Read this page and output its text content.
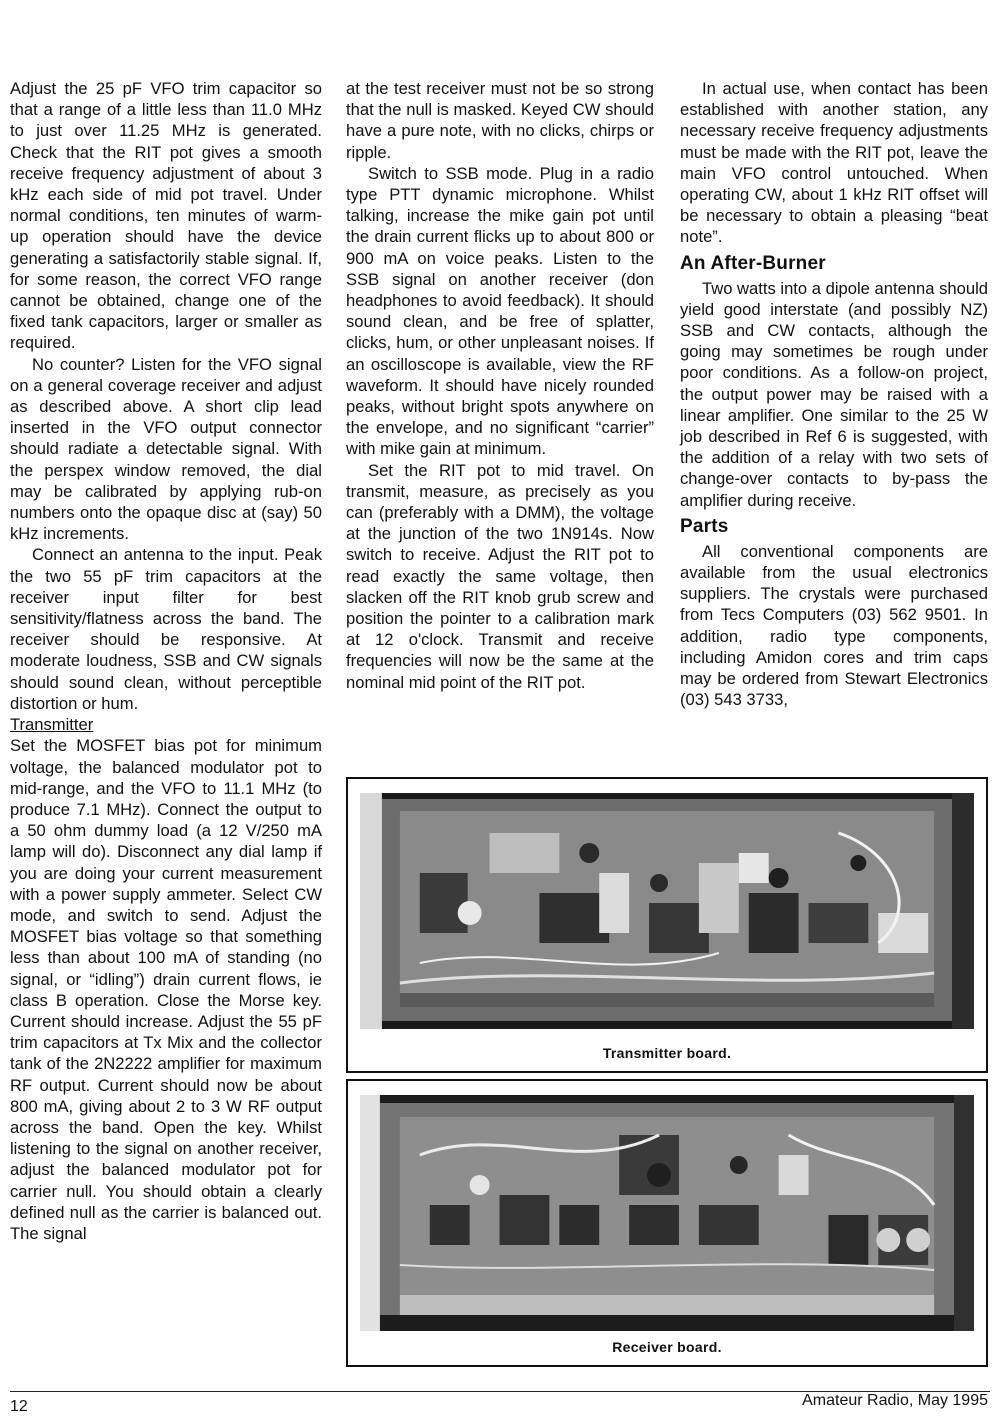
Adjust the 25 pF VFO trim capacitor so that a range of a little less than 11.0 MHz to just over 11.25 MHz is generated. Check that the RIT pot gives a smooth receive frequency adjustment of about 3 kHz each side of mid pot travel. Under normal conditions, ten minutes of warm-up operation should have the device generating a satisfactorily stable signal. If, for some reason, the correct VFO range cannot be obtained, change one of the fixed tank capacitors, larger or smaller as required.

No counter? Listen for the VFO signal on a general coverage receiver and adjust as described above. A short clip lead inserted in the VFO output connector should radiate a detectable signal. With the perspex window removed, the dial may be calibrated by applying rub-on numbers onto the opaque disc at (say) 50 kHz increments.

Connect an antenna to the input. Peak the two 55 pF trim capacitors at the receiver input filter for best sensitivity/flatness across the band. The receiver should be responsive. At moderate loudness, SSB and CW signals should sound clean, without perceptible distortion or hum.

Transmitter

Set the MOSFET bias pot for minimum voltage, the balanced modulator pot to mid-range, and the VFO to 11.1 MHz (to produce 7.1 MHz). Connect the output to a 50 ohm dummy load (a 12 V/250 mA lamp will do). Disconnect any dial lamp if you are doing your current measurement with a power supply ammeter. Select CW mode, and switch to send. Adjust the MOSFET bias voltage so that something less than about 100 mA of standing (no signal, or “idling”) drain current flows, ie class B operation. Close the Morse key. Current should increase. Adjust the 55 pF trim capacitors at Tx Mix and the collector tank of the 2N2222 amplifier for maximum RF output. Current should now be about 800 mA, giving about 2 to 3 W RF output across the band. Open the key. Whilst listening to the signal on another receiver, adjust the balanced modulator pot for carrier null. You should obtain a clearly defined null as the carrier is balanced out. The signal

at the test receiver must not be so strong that the null is masked. Keyed CW should have a pure note, with no clicks, chirps or ripple.

Switch to SSB mode. Plug in a radio type PTT dynamic microphone. Whilst talking, increase the mike gain pot until the drain current flicks up to about 800 or 900 mA on voice peaks. Listen to the SSB signal on another receiver (don headphones to avoid feedback). It should sound clean, and be free of splatter, clicks, hum, or other unpleasant noises. If an oscilloscope is available, view the RF waveform. It should have nicely rounded peaks, without bright spots anywhere on the envelope, and no significant “carrier” with mike gain at minimum.

Set the RIT pot to mid travel. On transmit, measure, as precisely as you can (preferably with a DMM), the voltage at the junction of the two 1N914s. Now switch to receive. Adjust the RIT pot to read exactly the same voltage, then slacken off the RIT knob grub screw and position the pointer to a calibration mark at 12 o'clock. Transmit and receive frequencies will now be the same at the nominal mid point of the RIT pot.

In actual use, when contact has been established with another station, any necessary receive frequency adjustments must be made with the RIT pot, leave the main VFO control untouched. When operating CW, about 1 kHz RIT offset will be necessary to obtain a pleasing “beat note”.

An After-Burner

Two watts into a dipole antenna should yield good interstate (and possibly NZ) SSB and CW contacts, although the going may sometimes be rough under poor conditions. As a follow-on project, the output power may be raised with a linear amplifier. One similar to the 25 W job described in Ref 6 is suggested, with the addition of a relay with two sets of change-over contacts to by-pass the amplifier during receive.

Parts

All conventional components are available from the usual electronics suppliers. The crystals were purchased from Tecs Computers (03) 562 9501. In addition, radio type components, including Amidon cores and trim caps may be ordered from Stewart Electronics (03) 543 3733,

Transmitter board.
Receiver board.
12	Amateur Radio, May 1995
